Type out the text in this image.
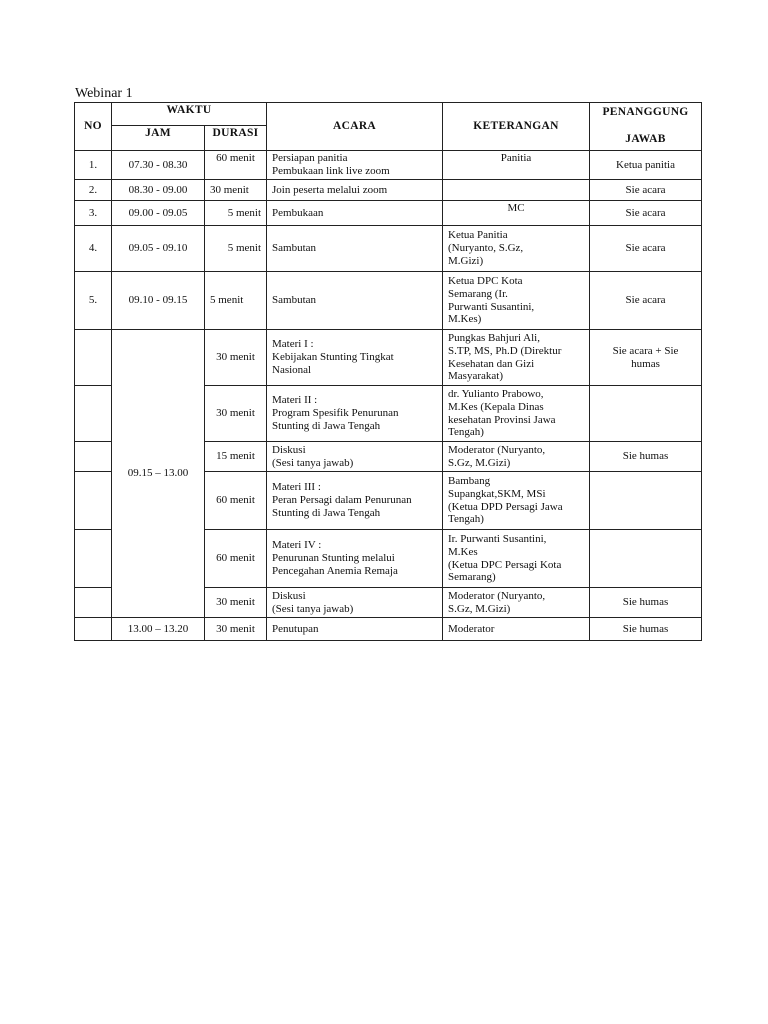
Webinar 1
NO	WAKTU		ACARA	KETERANGAN	PENANGGUNG

JAWAB
	JAM	DURASI			
1.	07.30 - 08.30	60 menit	Persiapan panitia
Pembukaan link live zoom	Panitia	Ketua panitia
2.	08.30 - 09.00	30 menit	Join peserta melalui zoom		Sie acara
3.	09.00 - 09.05	5 menit	Pembukaan	MC	Sie acara
4.	09.05 - 09.10	5 menit	Sambutan	Ketua Panitia
(Nuryanto, S.Gz,
M.Gizi)	Sie acara
5.	09.10 - 09.15	5 menit	Sambutan	Ketua DPC Kota
Semarang (Ir.
Purwanti Susantini,
M.Kes)	Sie acara
	09.15 – 13.00	30 menit	Materi I :
Kebijakan Stunting Tingkat
Nasional	Pungkas Bahjuri Ali,
S.TP, MS, Ph.D (Direktur
Kesehatan dan Gizi
Masyarakat)	Sie acara + Sie
humas
		30 menit	Materi II :
Program Spesifik Penurunan
Stunting di Jawa Tengah	dr. Yulianto Prabowo,
M.Kes (Kepala Dinas
kesehatan Provinsi Jawa
Tengah)	

		15 menit	Diskusi
(Sesi tanya jawab)	Moderator (Nuryanto,
S.Gz, M.Gizi)	Sie humas
		60 menit	Materi III :
Peran Persagi dalam Penurunan
Stunting di Jawa Tengah	Bambang
Supangkat,SKM, MSi
(Ketua DPD Persagi Jawa
Tengah)	

		60 menit	Materi IV :
Penurunan Stunting melalui
Pencegahan Anemia Remaja	Ir. Purwanti Susantini,
M.Kes
(Ketua DPC Persagi Kota
Semarang)	

		30 menit	Diskusi
(Sesi tanya jawab)	Moderator (Nuryanto,
S.Gz, M.Gizi)	Sie humas
	13.00 – 13.20	30 menit	Penutupan	Moderator	Sie humas
